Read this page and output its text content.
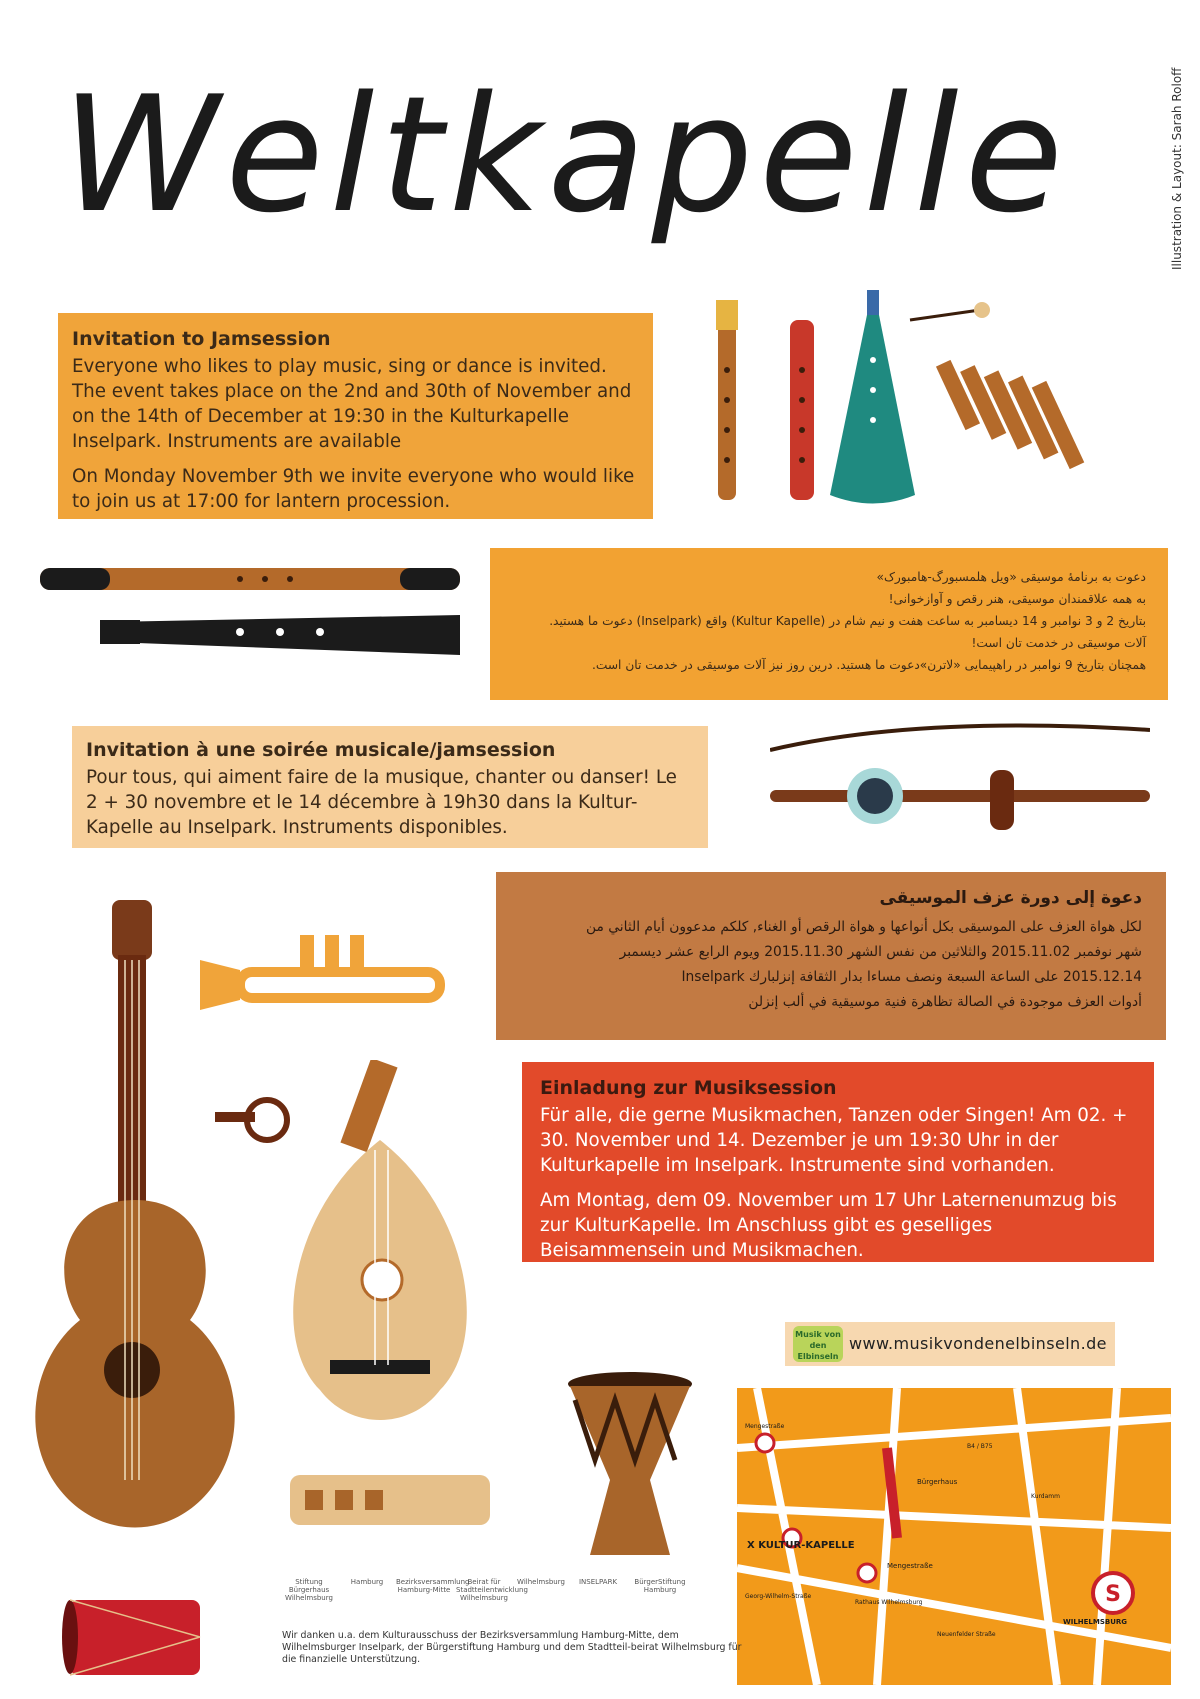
Weltkapelle	Illustration & Layout: Sarah Roloff
Invitation to Jamsession

Everyone who likes to play music, sing or dance is invited. The event takes place on the 2nd and 30th of November and on the 14th of December at 19:30 in the Kulturkapelle Inselpark. Instruments are available

On Monday November 9th we invite everyone who would like to join us at 17:00 for lantern procession.

دعوت به برنامۀ موسیقی «ویل هلمسبورگ-هامبورک»
به همه علاقمندان موسیقی، هنر رقص و آوازخوانی!
بتاریخ 2 و 3 نوامبر و 14 دیسامبر به ساعت هفت و نیم شام در (Kultur Kapelle) واقع (Inselpark) دعوت ما هستید.
آلات موسیقی در خدمت تان است!
همچنان بتاریخ 9 نوامبر در راهپیمایی «لاترن»دعوت ما هستید. درین روز نیز آلات موسیقی در خدمت تان است.
Invitation à une soirée musicale/jamsession

Pour tous, qui aiment faire de la musique, chanter ou danser! Le 2 + 30 novembre et le 14 décembre à 19h30 dans la Kultur-Kapelle au Inselpark. Instruments disponibles.

دعوة إلى دورة عزف الموسيقى
لكل هواة العزف على الموسيقى بكل أنواعها و هواة الرقص أو الغناء, كلكم مدعوون أيام الثاني من
شهر نوفمبر 2015.11.02 والثلاثين من نفس الشهر 2015.11.30 ويوم الرابع عشر ديسمبر
2015.12.14 على الساعة السبعة ونصف مساءا بدار الثقافة إنزلبارك Inselpark
أدوات العزف موجودة في الصالة تظاهرة فنية موسيقية في ألب إنزلن
Einladung zur Musiksession

Für alle, die gerne Musikmachen, Tanzen oder Singen! Am 02. + 30. November und 14. Dezember je um 19:30 Uhr in der Kulturkapelle im Inselpark. Instrumente sind vorhanden.

Am Montag, dem 09. November um 17 Uhr Laternenumzug bis zur KulturKapelle. Im Anschluss gibt es geselliges Beisammensein und Musikmachen.

Musik von den Elbinseln
www.musikvondenelbinseln.de
S
X KULTUR-KAPELLE
Bürgerhaus
Mengestraße
WILHELMSBURG
Rathaus Wilhelmsburg
B4 / B75
Neuenfelder Straße
Kurdamm
Georg-Wilhelm-Straße
Mengestraße
Stiftung Bürgerhaus Wilhelmsburg
Hamburg	Bezirksversammlung Hamburg-Mitte
Beirat für Stadtteilentwicklung Wilhelmsburg
Wilhelmsburg	INSELPARK	BürgerStiftung Hamburg
Wir danken u.a. dem Kulturausschuss der Bezirksversammlung Hamburg-Mitte, dem Wilhelmsburger Inselpark, der Bürgerstiftung Hamburg und dem Stadtteil-beirat Wilhelmsburg für die finanzielle Unterstützung.
